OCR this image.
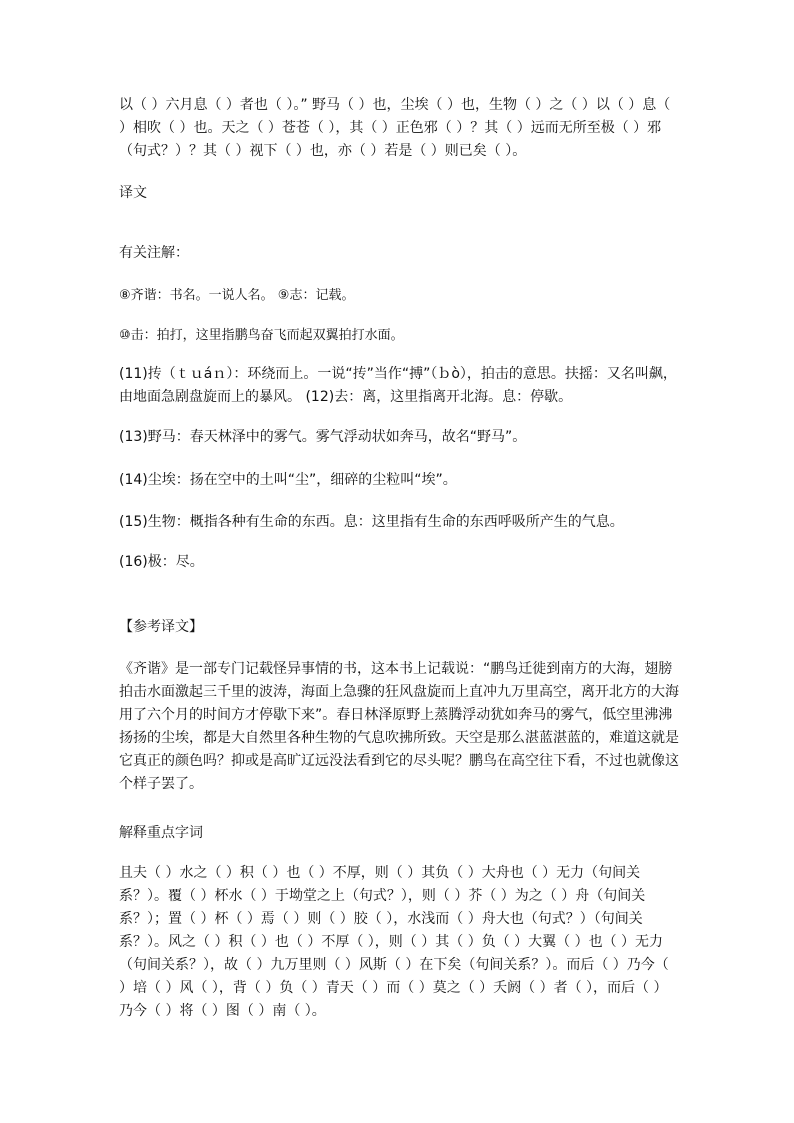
以（ ）六月息（ ）者也（ ）。” 野马（ ）也，尘埃（ ）也，生物（ ）之（ ）以（ ）息（ ）相吹（ ）也。天之（ ）苍苍（ ），其（ ）正色邪（ ）？其（ ）远而无所至极（ ）邪（句式？）？其（ ）视下（ ）也，亦（ ）若是（ ）则已矣（ ）。
译文
有关注解：
⑧齐谐：书名。一说人名。 ⑨志：记载。
⑩击：拍打，这里指鹏鸟奋飞而起双翼拍打水面。
(11)抟（ｔｕáｎ）：环绕而上。一说“抟”当作“搏”（ｂò），拍击的意思。扶摇：又名叫飙，由地面急剧盘旋而上的暴风。 (12)去：离，这里指离开北海。息：停歇。
(13)野马：春天林泽中的雾气。雾气浮动状如奔马，故名“野马”。
(14)尘埃：扬在空中的土叫“尘”，细碎的尘粒叫“埃”。
(15)生物：概指各种有生命的东西。息：这里指有生命的东西呼吸所产生的气息。
(16)极：尽。
【参考译文】
《齐谐》是一部专门记载怪异事情的书，这本书上记载说：“鹏鸟迁徙到南方的大海，翅膀拍击水面激起三千里的波涛，海面上急骤的狂风盘旋而上直冲九万里高空，离开北方的大海用了六个月的时间方才停歇下来”。春日林泽原野上蒸腾浮动犹如奔马的雾气，低空里沸沸扬扬的尘埃，都是大自然里各种生物的气息吹拂所致。天空是那么湛蓝湛蓝的，难道这就是它真正的颜色吗？抑或是高旷辽远没法看到它的尽头呢？鹏鸟在高空往下看，不过也就像这个样子罢了。
解释重点字词
且夫（ ）水之（ ）积（ ）也（ ）不厚，则（ ）其负（ ）大舟也（ ）无力（句间关系？）。覆（ ）杯水（ ）于坳堂之上（句式？），则（ ）芥（ ）为之（ ）舟（句间关系？）；置（ ）杯（ ）焉（ ）则（ ）胶（ ），水浅而（ ）舟大也（句式？）（句间关系？）。风之（ ）积（ ）也（ ）不厚（ ），则（ ）其（ ）负（ ）大翼（ ）也（ ）无力（句间关系？），故（ ）九万里则（ ）风斯（ ）在下矣（句间关系？）。而后（ ）乃今（ ）培（ ）风（ ），背（ ）负（ ）青天（ ）而（ ）莫之（ ）夭阏（ ）者（ ），而后（ ）乃今（ ）将（ ）图（ ）南（ ）。
